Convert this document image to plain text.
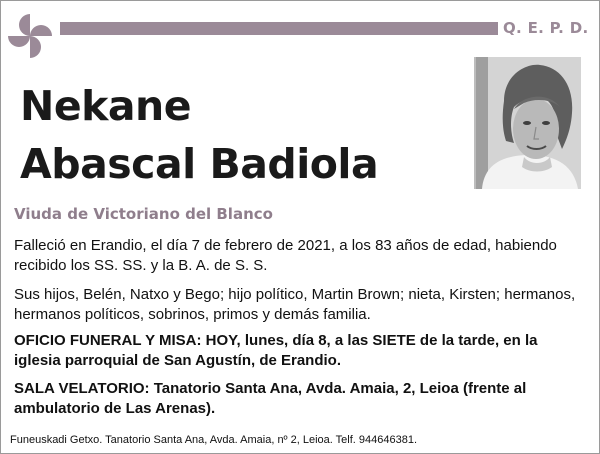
Q. E. P. D.
Nekane
Abascal Badiola
Viuda de Victoriano del Blanco
Falleció en Erandio, el día 7 de febrero de 2021, a los 83 años de edad, habiendo recibido los SS. SS. y la B. A. de S. S.
Sus hijos, Belén, Natxo y Bego; hijo político, Martin Brown; nieta, Kirsten; hermanos, hermanos políticos, sobrinos, primos y demás familia.
OFICIO FUNERAL Y MISA: HOY, lunes, día 8, a las SIETE de la tarde, en la iglesia parroquial de San Agustín, de Erandio.
SALA VELATORIO: Tanatorio Santa Ana, Avda. Amaia, 2, Leioa (frente al ambulatorio de Las Arenas).
Funeuskadi Getxo. Tanatorio Santa Ana, Avda. Amaia, nº 2, Leioa. Telf. 944646381.
